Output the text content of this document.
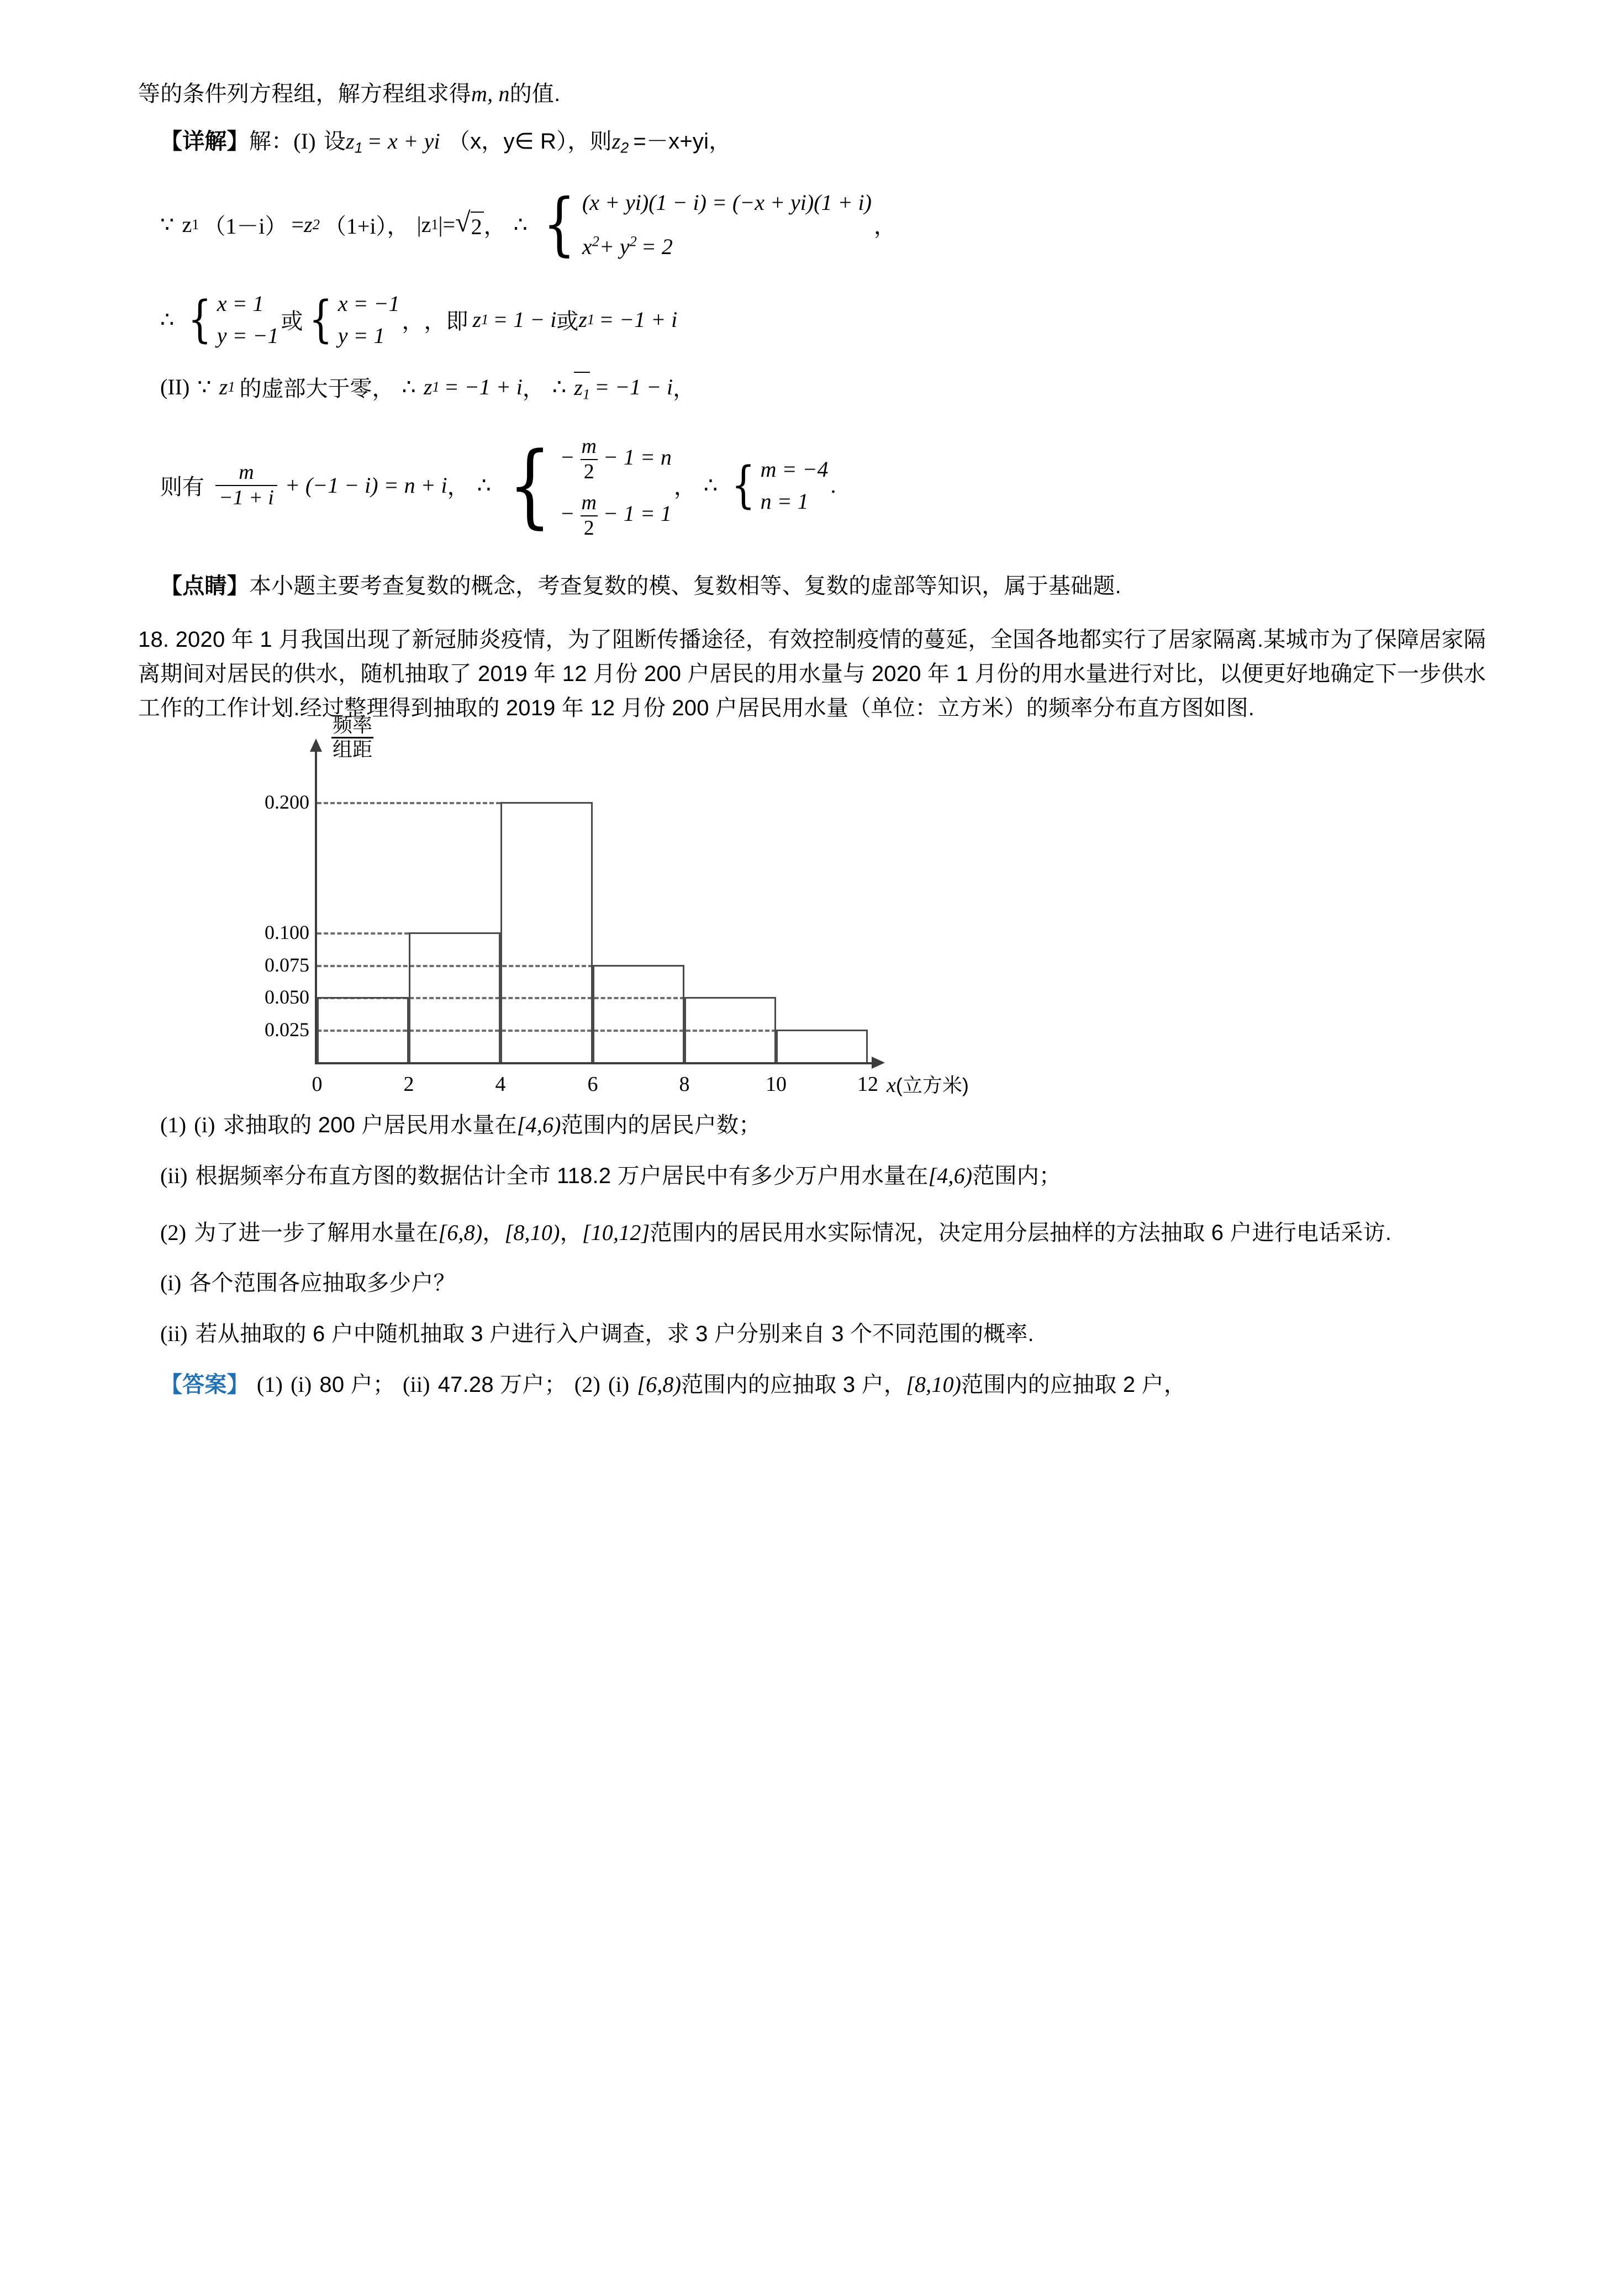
等的条件列方程组，解方程组求得m, n的值.
【详解】解：(I) 设$z_1 = x$ + yi （x，y∈ R），则$z_2 =-x+yi$，
∵ z 1 （1－i） = z 2 （1+i）， |z 1 |= √ 2 ， ∴ { (x + yi)(1 − i) = (−x + yi)(1 + i)
$x^2+ y^2 = 2$
，
∴ { x = 1
y = −1
或 { x = −1
y = 1
， ，即 z 1 = 1 − i 或 z 1 = −1 + i
(II) ∵ z 1 的虚部大于零， ∴ z 1 = −1 + i ， ∴ $z_1 = -1 - i$ ，
则有 $\frac{m}{-1 + i} + (-1 - i) = n + i$ ， ∴ { − $\frac{m}{2} - 1 = n$
− $\frac{m}{2} - 1 = 1$
， ∴ { m = −4
n = 1
.
【点睛】本小题主要考查复数的概念，考查复数的模、复数相等、复数的虚部等知识，属于基础题.
18. 2020 年 1 月我国出现了新冠肺炎疫情，为了阻断传播途径，有效控制疫情的蔓延，全国各地都实行了居家隔离.某城市为了保障居家隔离期间对居民的供水，随机抽取了 2019 年 12 月份 200 户居民的用水量与 2020 年 1 月份的用水量进行对比，以便更好地确定下一步供水工作的工作计划.经过整理得到抽取的 2019 年 12 月份 200 户居民用水量（单位：立方米）的频率分布直方图如图.
频率
组距
0.200
0.100
0.075
0.050
0.025
0	2	4	6	8	10	12 x(立方米)
(1) (i) 求抽取的 200 户居民用水量在[4,6)范围内的居民户数；
(ii) 根据频率分布直方图的数据估计全市 118.2 万户居民中有多少万户用水量在[4,6)范围内；
(2) 为了进一步了解用水量在[6,8)，[8,10)，[10,12]范围内的居民用水实际情况，决定用分层抽样的方法抽取 6 户进行电话采访.
(i) 各个范围各应抽取多少户？
(ii) 若从抽取的 6 户中随机抽取 3 户进行入户调查，求 3 户分别来自 3 个不同范围的概率.
【答案】 (1) (i) 80 户； (ii) 47.28 万户； (2) (i) [6,8)范围内的应抽取 3 户，[8,10)范围内的应抽取 2 户，
